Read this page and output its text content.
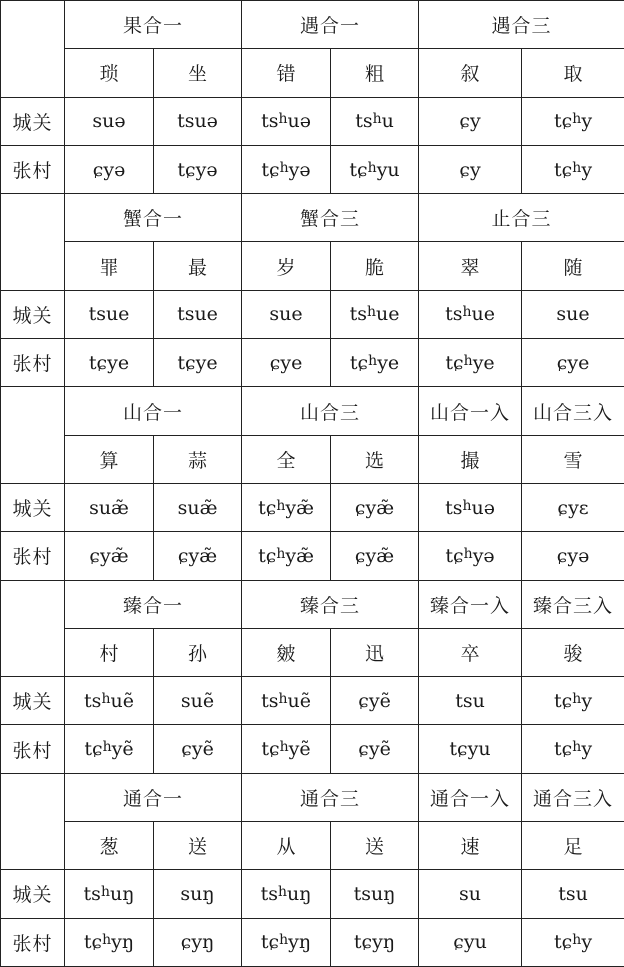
	果合一		遇合一		遇合三	
	琐	坐	错	粗	叙	取
城关	suə	tsuə	$ts^huə$	$ts^hu$	ɕy	tɕ$^h$y
张村	ɕyə	tɕyə	tɕ$^h$yə	tɕ$^h$yu	ɕy	tɕ$^h$y
	蟹合一		蟹合三		止合三	
	罪	最	岁	脆	翠	随
城关	tsue	tsue	sue	$ts^hue$	$ts^hue$	sue
张村	tɕye	tɕye	ɕye	tɕ$^h$ye	tɕ$^h$ye	ɕye
	山合一		山合三		山合一入	山合三入
	算	蒜	全	选	撮	雪
城关	suæ̃	suæ̃	tɕ$^h$yæ̃	ɕyæ̃	$ts^huə$	ɕyɛ
张村	ɕyæ̃	ɕyæ̃	tɕ$^h$yæ̃	ɕyæ̃	tɕ$^h$yə	ɕyə
	臻合一		臻合三		臻合一入	臻合三入
	村	孙	皴	迅	卒	骏
城关	$ts^huẽ$	suẽ	$ts^huẽ$	ɕyẽ	tsu	tɕ$^h$y
张村	tɕ$^h$yẽ	ɕyẽ	tɕ$^h$yẽ	ɕyẽ	tɕyu	tɕ$^h$y
	通合一		通合三		通合一入	通合三入
	葱	送	从	送	速	足
城关	$ts^huŋ$	suŋ	$ts^huŋ$	tsuŋ	su	tsu
张村	tɕ$^h$yŋ	ɕyŋ	tɕ$^h$yŋ	tɕyŋ	ɕyu	tɕ$^h$y
